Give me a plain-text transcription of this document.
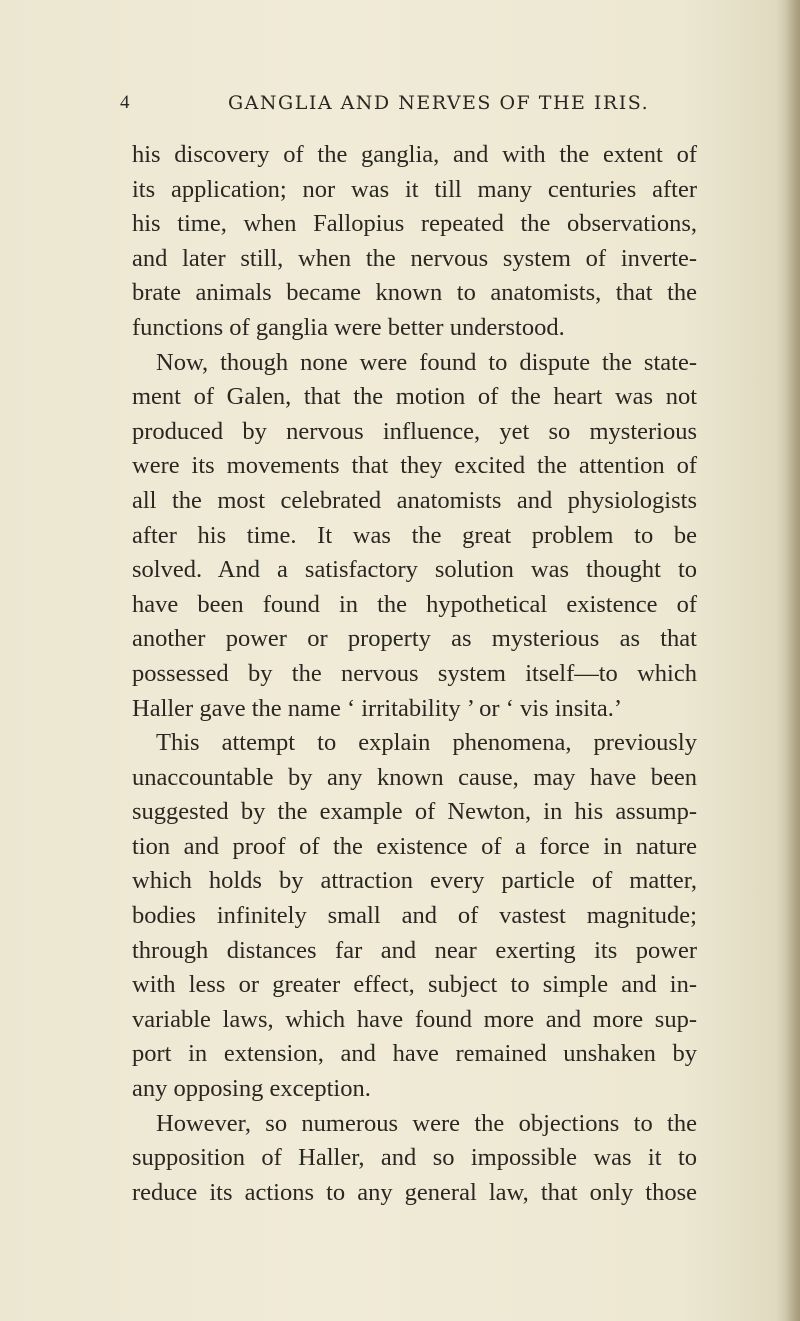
4	GANGLIA AND NERVES OF THE IRIS.
his discovery of the ganglia, and with the extent of
its application; nor was it till many centuries after
his time, when Fallopius repeated the observations,
and later still, when the nervous system of inverte-
brate animals became known to anatomists, that the
functions of ganglia were better understood.
Now, though none were found to dispute the state-
ment of Galen, that the motion of the heart was not
produced by nervous influence, yet so mysterious
were its movements that they excited the attention of
all the most celebrated anatomists and physiologists
after his time. It was the great problem to be
solved. And a satisfactory solution was thought to
have been found in the hypothetical existence of
another power or property as mysterious as that
possessed by the nervous system itself—to which
Haller gave the name ‘ irritability ’ or ‘ vis insita.’
This attempt to explain phenomena, previously
unaccountable by any known cause, may have been
suggested by the example of Newton, in his assump-
tion and proof of the existence of a force in nature
which holds by attraction every particle of matter,
bodies infinitely small and of vastest magnitude;
through distances far and near exerting its power
with less or greater effect, subject to simple and in-
variable laws, which have found more and more sup-
port in extension, and have remained unshaken by
any opposing exception.
However, so numerous were the objections to the
supposition of Haller, and so impossible was it to
reduce its actions to any general law, that only those
